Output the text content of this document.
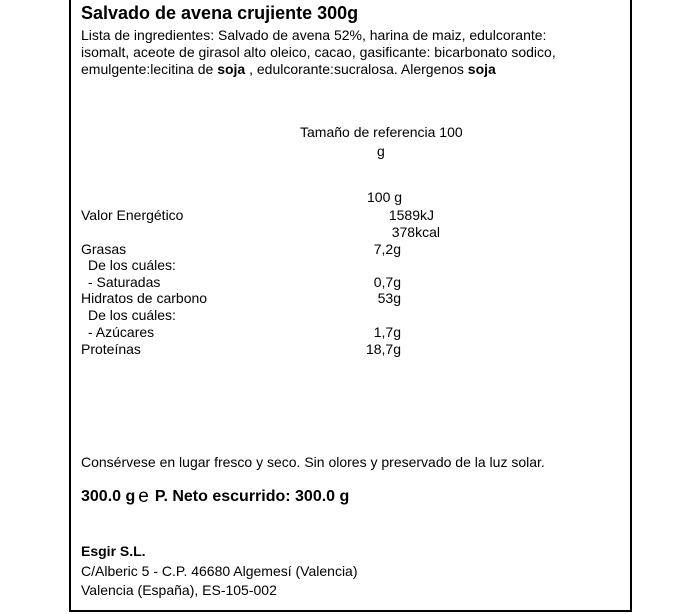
Salvado de avena crujiente 300g
Lista de ingredientes: Salvado de avena 52%, harina de maiz, edulcorante:
isomalt, aceote de girasol alto oleico, cacao, gasificante: bicarbonato sodico,
emulgente:lecitina de soja , edulcorante:sucralosa. Alergenos soja
Tamaño de referencia 100
g
100 g
Valor Energético	1589kJ
378kcal
Grasas	7,2g
De los cuáles:
- Saturadas	0,7g
Hidratos de carbono	53g
De los cuáles:
- Azúcares	1,7g
Proteínas	18,7g
Consérvese en lugar fresco y seco. Sin olores y preservado de la luz solar.
300.0 g e P. Neto escurrido: 300.0 g
Esgir S.L.
C/Alberic 5 - C.P. 46680 Algemesí (Valencia)
Valencia (España), ES-105-002
